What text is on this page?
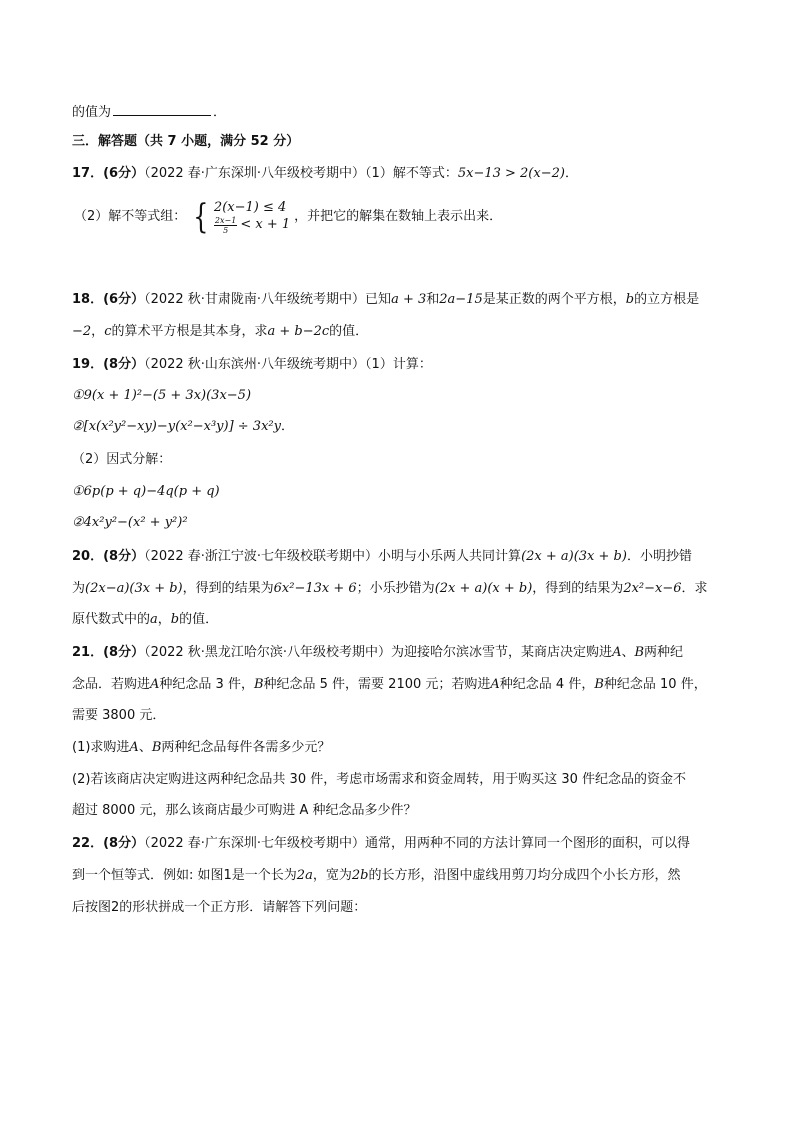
的值为	．
三．解答题（共 7 小题，满分 52 分）
17．(6分）（2022 春·广东深圳·八年级校考期中）（1）解不等式：5x−13 > 2(x−2)．
（2）解不等式组： { 2(x−1) ≤ 4
$\frac{2x-1}{5} < x + 1$
，并把它的解集在数轴上表示出来．
18．(6分）（2022 秋·甘肃陇南·八年级统考期中）已知a + 3和2a−15是某正数的两个平方根，b的立方根是
−2，c的算术平方根是其本身，求a + b−2c的值．
19．(8分）（2022 秋·山东滨州·八年级统考期中）（1）计算：
①9(x + 1)²−(5 + 3x)(3x−5)
②[x(x²y²−xy)−y(x²−x³y)] ÷ 3x²y．
（2）因式分解：
①6p(p + q)−4q(p + q)
②4x²y²−(x² + y²)²
20．(8分）（2022 春·浙江宁波·七年级校联考期中）小明与小乐两人共同计算(2x + a)(3x + b)．小明抄错
为(2x−a)(3x + b)，得到的结果为6x²−13x + 6；小乐抄错为(2x + a)(x + b)，得到的结果为2x²−x−6．求
原代数式中的a，b的值．
21．(8分）（2022 秋·黑龙江哈尔滨·八年级校考期中）为迎接哈尔滨冰雪节，某商店决定购进A、B两种纪
念品．若购进A种纪念品 3 件，B种纪念品 5 件，需要 2100 元；若购进A种纪念品 4 件，B种纪念品 10 件，
需要 3800 元．
(1)求购进A、B两种纪念品每件各需多少元？
(2)若该商店决定购进这两种纪念品共 30 件，考虑市场需求和资金周转，用于购买这 30 件纪念品的资金不
超过 8000 元，那么该商店最少可购进 A 种纪念品多少件？
22．(8分）（2022 春·广东深圳·七年级校考期中）通常，用两种不同的方法计算同一个图形的面积，可以得
到一个恒等式．例如: 如图1是一个长为2a，宽为2b的长方形，沿图中虚线用剪刀均分成四个小长方形，然
后按图2的形状拼成一个正方形．请解答下列问题：
